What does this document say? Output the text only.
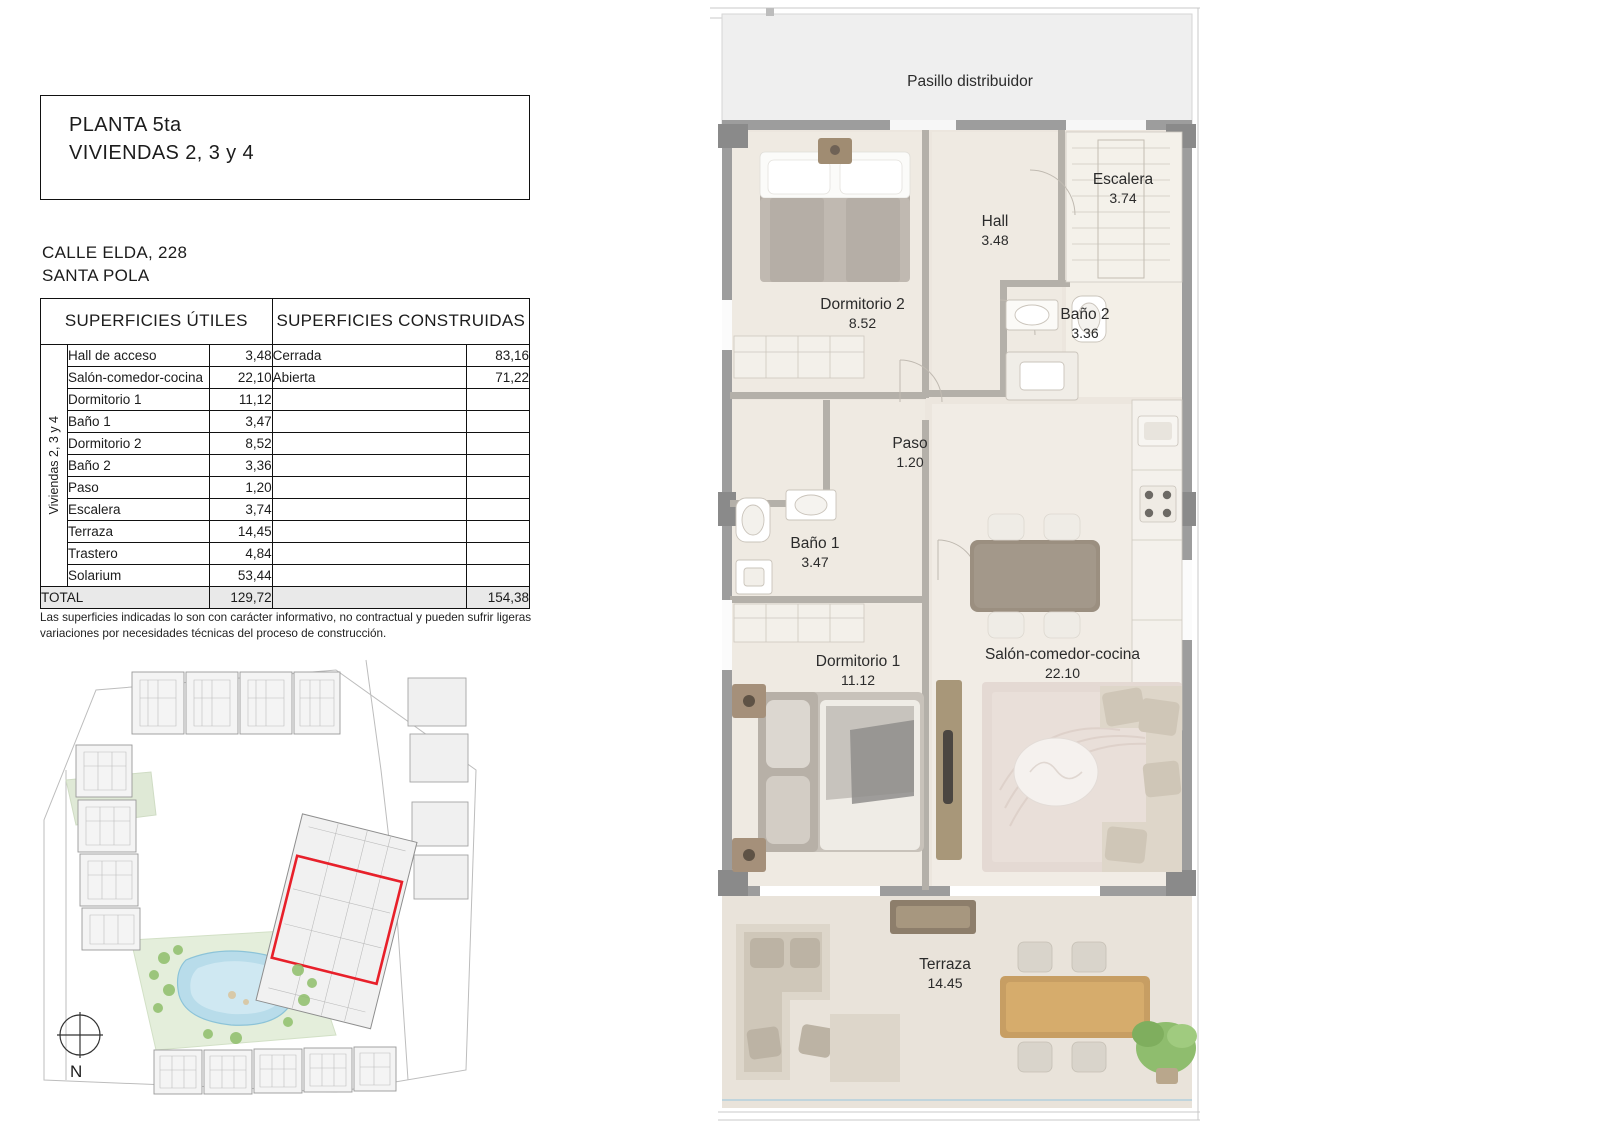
PLANTA 5ta
VIVIENDAS 2, 3 y 4
CALLE ELDA, 228
SANTA POLA
SUPERFICIES ÚTILES			SUPERFICIES CONSTRUIDAS	

Viviendas 2, 3 y 4	Hall de acceso	3,48	Cerrada	83,16
	Salón-comedor-cocina	22,10	Abierta	71,22
	Dormitorio 1	11,12		
	Baño 1	3,47		
	Dormitorio 2	8,52		
	Baño 2	3,36		
	Paso	1,20		
	Escalera	3,74		
	Terraza	14,45		
	Trastero	4,84		
	Solarium	53,44		
TOTAL		129,72		154,38
Las superficies indicadas lo son con carácter informativo, no contractual y pueden sufrir ligeras variaciones por necesidades técnicas del proceso de construcción.
N
Pasillo distribuidor
Dormitorio 2
8.52
Hall
3.48
Escalera
3.74
Baño 2
3.36
Paso
1.20
Baño 1
3.47
Dormitorio 1
11.12
Salón-comedor-cocina
22.10
Terraza
14.45
